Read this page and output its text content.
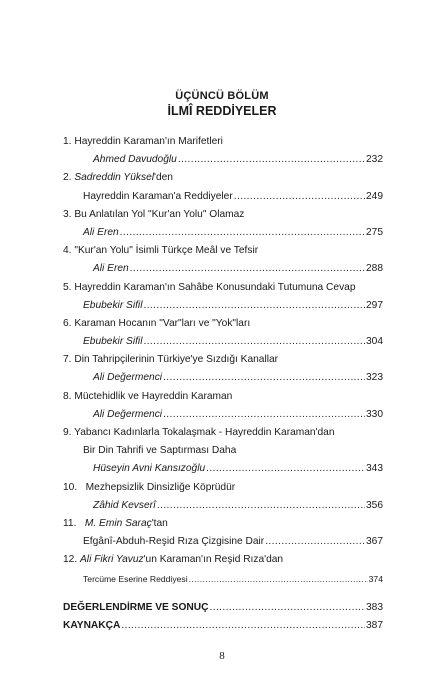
ÜÇÜNCÜ BÖLÜM
İLMÎ REDDİYELER
1. Hayreddin Karaman'ın Marifetleri
Ahmed Davudoğlu .....	232
2. Sadreddin Yüksel'den
Hayreddin Karaman'a Reddiyeler .....	249
3. Bu Anlatılan Yol "Kur'an Yolu" Olamaz
Ali Eren .....	275
4. "Kur'an Yolu" İsimli Türkçe Meâl ve Tefsir
Ali Eren .....	288
5. Hayreddin Karaman'ın Sahâbe Konusundaki Tutumuna Cevap
Ebubekir Sifil .....	297
6. Karaman Hocanın "Var"ları ve "Yok"ları
Ebubekir Sifil .....	304
7. Din Tahripçilerinin Türkiye'ye Sızdığı Kanallar
Ali Değermenci .....	323
8. Müctehidlik ve Hayreddin Karaman
Ali Değermenci .....	330
9. Yabancı Kadınlarla Tokalaşmak - Hayreddin Karaman'dan
Bir Din Tahrifi ve Saptırması Daha
Hüseyin Avni Kansızoğlu .....	343
10. Mezhepsizlik Dinsizliğe Köprüdür
Zâhid Kevserî .....	356
11. M. Emin Saraç'tan
Efgânî-Abduh-Reşid Rıza Çizgisine Dair .....	367
12. Ali Fikri Yavuz'un Karaman'ın Reşid Rıza'dan
Tercüme Eserine Reddiyesi .....	374
DEĞERLENDİRME VE SONUÇ .....	383
KAYNAKÇA .....	387
8
